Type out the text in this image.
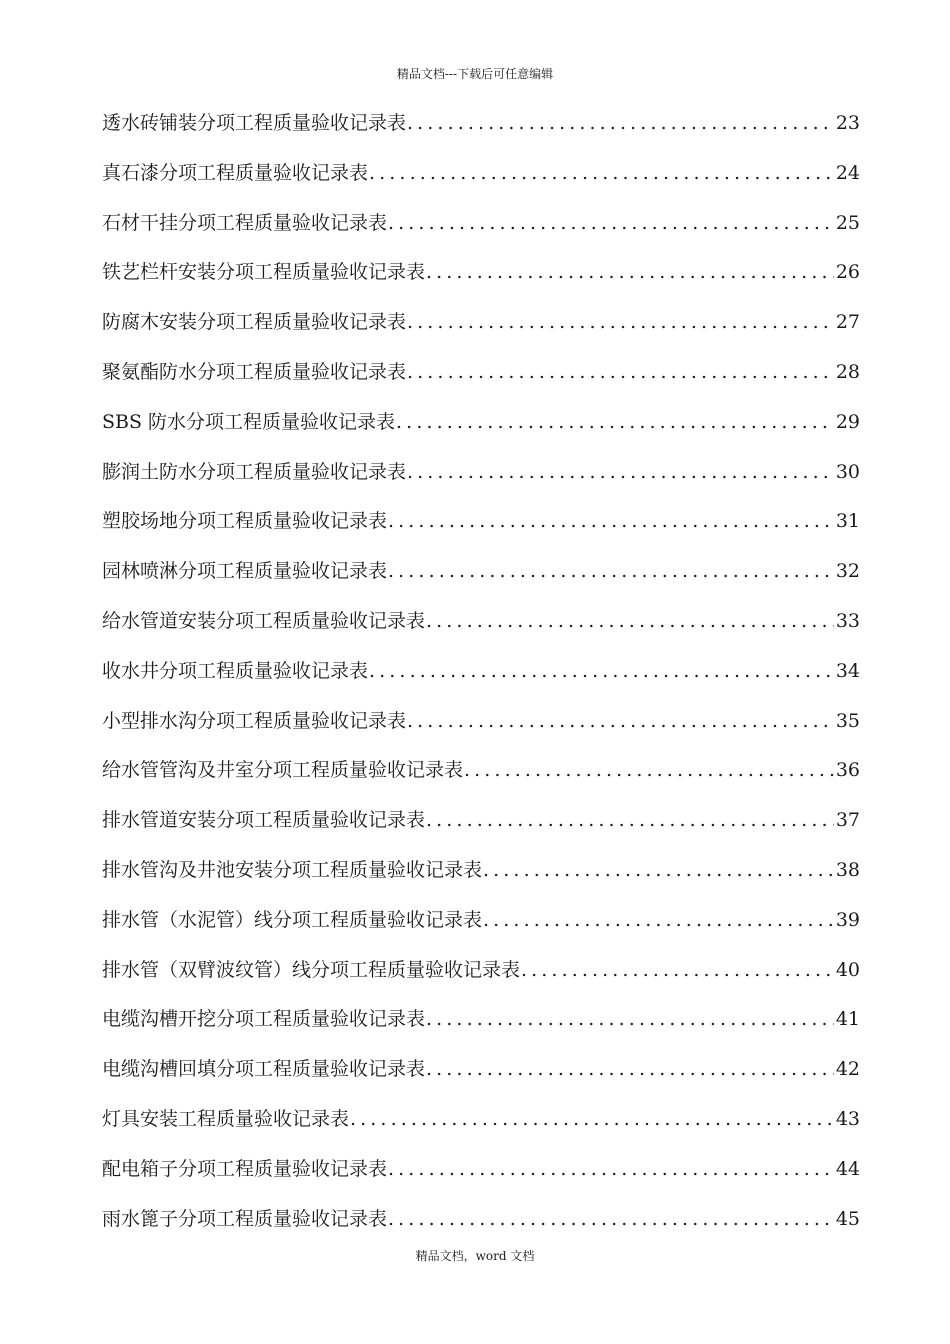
精品文档---下载后可任意编辑
透水砖铺装分项工程质量验收记录表 .....	23
真石漆分项工程质量验收记录表 .....	24
石材干挂分项工程质量验收记录表 .....	25
铁艺栏杆安装分项工程质量验收记录表 .....	26
防腐木安装分项工程质量验收记录表 .....	27
聚氨酯防水分项工程质量验收记录表 .....	28
SBS 防水分项工程质量验收记录表 .....	29
膨润土防水分项工程质量验收记录表 .....	30
塑胶场地分项工程质量验收记录表 .....	31
园林喷淋分项工程质量验收记录表 .....	32
给水管道安装分项工程质量验收记录表 .....	33
收水井分项工程质量验收记录表 .....	34
小型排水沟分项工程质量验收记录表 .....	35
给水管管沟及井室分项工程质量验收记录表 .....	36
排水管道安装分项工程质量验收记录表 .....	37
排水管沟及井池安装分项工程质量验收记录表 .....	38
排水管（水泥管）线分项工程质量验收记录表 .....	39
排水管（双臂波纹管）线分项工程质量验收记录表 .....	40
电缆沟槽开挖分项工程质量验收记录表 .....	41
电缆沟槽回填分项工程质量验收记录表 .....	42
灯具安装工程质量验收记录表 .....	43
配电箱子分项工程质量验收记录表 .....	44
雨水篦子分项工程质量验收记录表 .....	45
精品文档，word 文档
